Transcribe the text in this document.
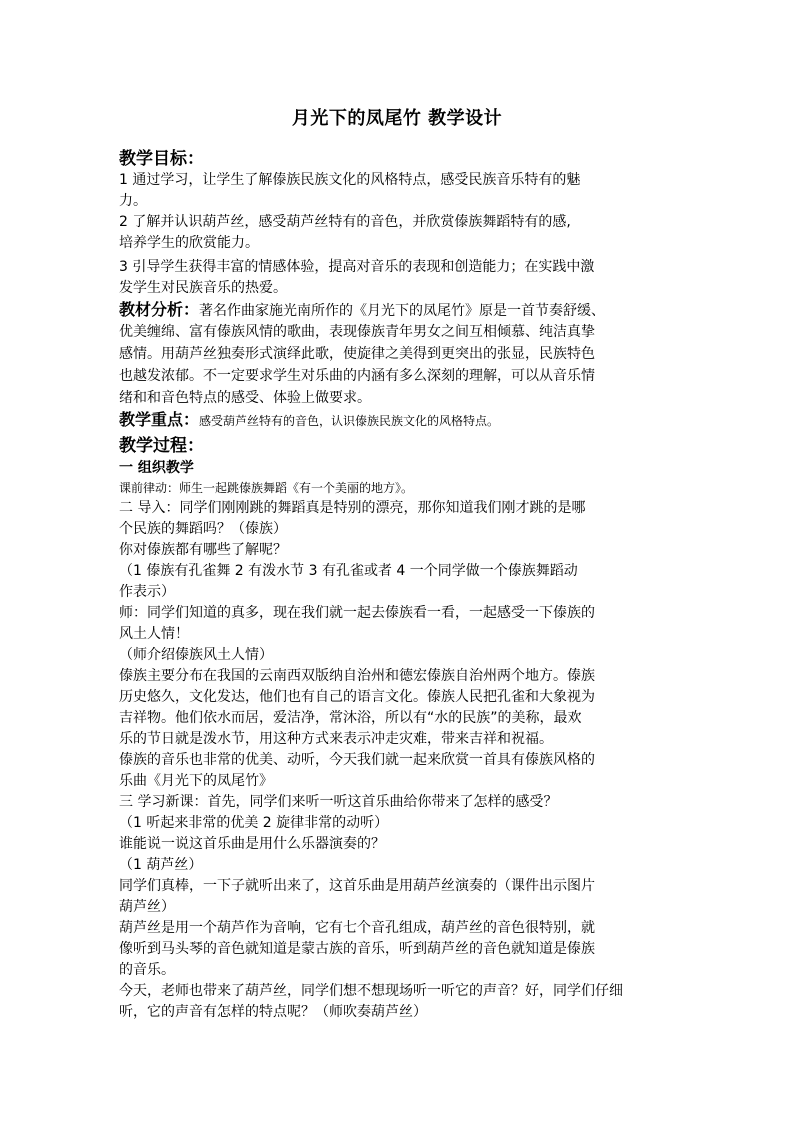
月光下的凤尾竹 教学设计
教学目标：
1 通过学习，让学生了解傣族民族文化的风格特点，感受民族音乐特有的魅
力。
2 了解并认识葫芦丝，感受葫芦丝特有的音色，并欣赏傣族舞蹈特有的感,
培养学生的欣赏能力。
3 引导学生获得丰富的情感体验，提高对音乐的表现和创造能力；在实践中激
发学生对民族音乐的热爱。
教材分析：著名作曲家施光南所作的《月光下的凤尾竹》原是一首节奏舒缓、
优美缠绵、富有傣族风情的歌曲，表现傣族青年男女之间互相倾慕、纯洁真挚
感情。用葫芦丝独奏形式演绎此歌，使旋律之美得到更突出的张显，民族特色
也越发浓郁。不一定要求学生对乐曲的内涵有多么深刻的理解，可以从音乐情
绪和和音色特点的感受、体验上做要求。
教学重点：感受葫芦丝特有的音色，认识傣族民族文化的风格特点。
教学过程：
一 组织教学
课前律动：师生一起跳傣族舞蹈《有一个美丽的地方》。
二 导入：同学们刚刚跳的舞蹈真是特别的漂亮，那你知道我们刚才跳的是哪
个民族的舞蹈吗？（傣族）
你对傣族都有哪些了解呢？
（1 傣族有孔雀舞 2 有泼水节 3 有孔雀或者 4 一个同学做一个傣族舞蹈动
作表示）
师：同学们知道的真多，现在我们就一起去傣族看一看，一起感受一下傣族的
风土人情！
（师介绍傣族风土人情）
傣族主要分布在我国的云南西双版纳自治州和德宏傣族自治州两个地方。傣族
历史悠久，文化发达，他们也有自己的语言文化。傣族人民把孔雀和大象视为
吉祥物。他们依水而居，爱洁净，常沐浴，所以有“水的民族”的美称，最欢
乐的节日就是泼水节，用这种方式来表示冲走灾难，带来吉祥和祝福。
傣族的音乐也非常的优美、动听，今天我们就一起来欣赏一首具有傣族风格的
乐曲《月光下的凤尾竹》
三 学习新课：首先，同学们来听一听这首乐曲给你带来了怎样的感受？
（1 听起来非常的优美 2 旋律非常的动听）
谁能说一说这首乐曲是用什么乐器演奏的？
（1 葫芦丝）
同学们真棒，一下子就听出来了，这首乐曲是用葫芦丝演奏的（课件出示图片
葫芦丝）
葫芦丝是用一个葫芦作为音响，它有七个音孔组成，葫芦丝的音色很特别，就
像听到马头琴的音色就知道是蒙古族的音乐，听到葫芦丝的音色就知道是傣族
的音乐。
今天，老师也带来了葫芦丝，同学们想不想现场听一听它的声音？好，同学们仔细
听，它的声音有怎样的特点呢？（师吹奏葫芦丝）
